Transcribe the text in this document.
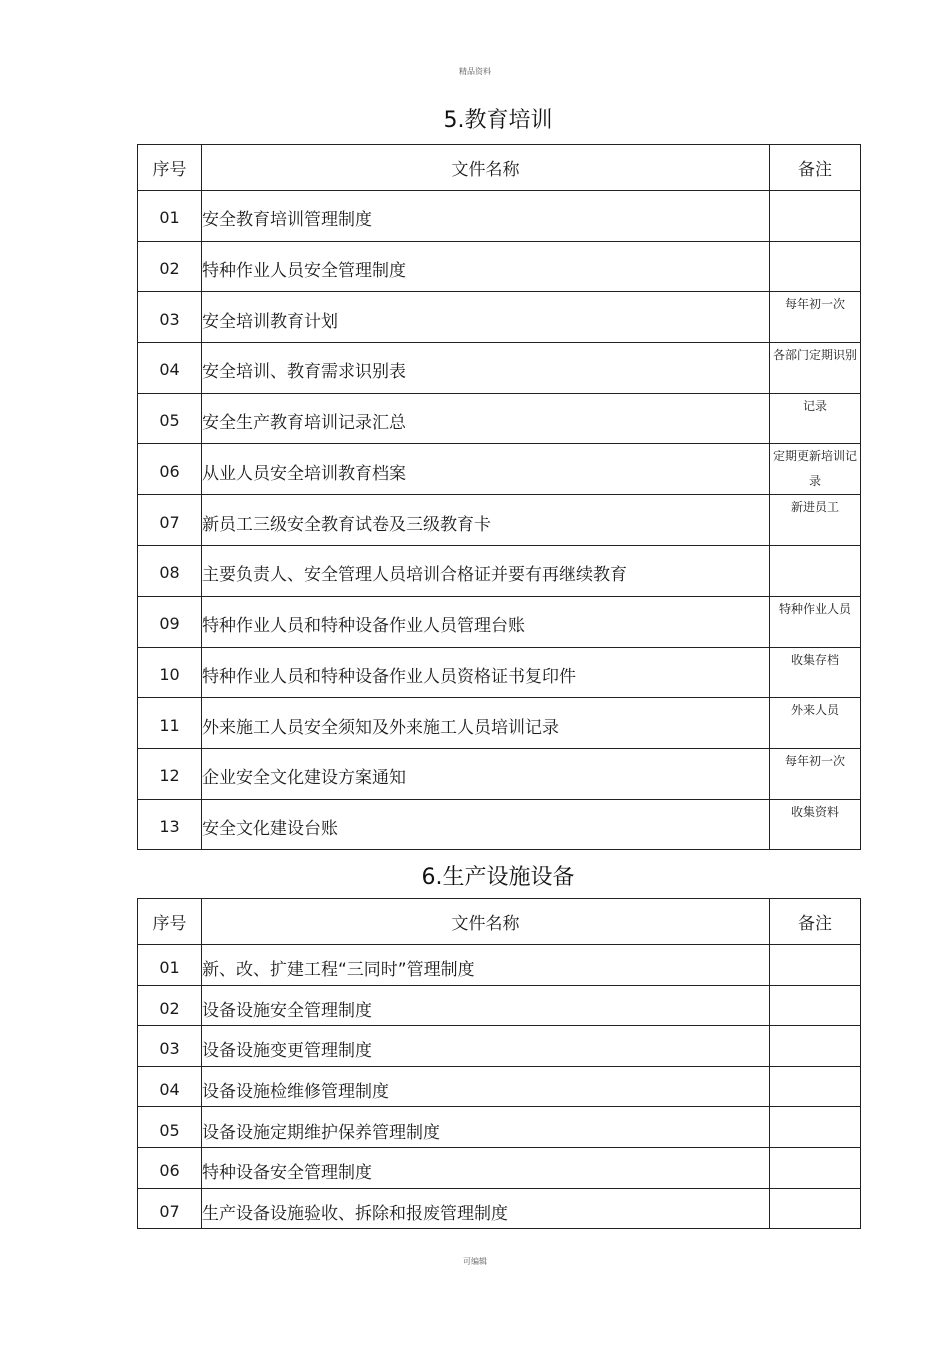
精品资料
5.教育培训
序号	文件名称	备注
01	安全教育培训管理制度	
02	特种作业人员安全管理制度	
03	安全培训教育计划	每年初一次
04	安全培训、教育需求识别表	各部门定期识别
05	安全生产教育培训记录汇总	记录
06	从业人员安全培训教育档案	定期更新培训记录
07	新员工三级安全教育试卷及三级教育卡	新进员工
08	主要负责人、安全管理人员培训合格证并要有再继续教育	
09	特种作业人员和特种设备作业人员管理台账	特种作业人员
10	特种作业人员和特种设备作业人员资格证书复印件	收集存档
11	外来施工人员安全须知及外来施工人员培训记录	外来人员
12	企业安全文化建设方案通知	每年初一次
13	安全文化建设台账	收集资料
6.生产设施设备
序号	文件名称	备注
01	新、改、扩建工程“三同时”管理制度	
02	设备设施安全管理制度	
03	设备设施变更管理制度	
04	设备设施检维修管理制度	
05	设备设施定期维护保养管理制度	
06	特种设备安全管理制度	
07	生产设备设施验收、拆除和报废管理制度	
可编辑
